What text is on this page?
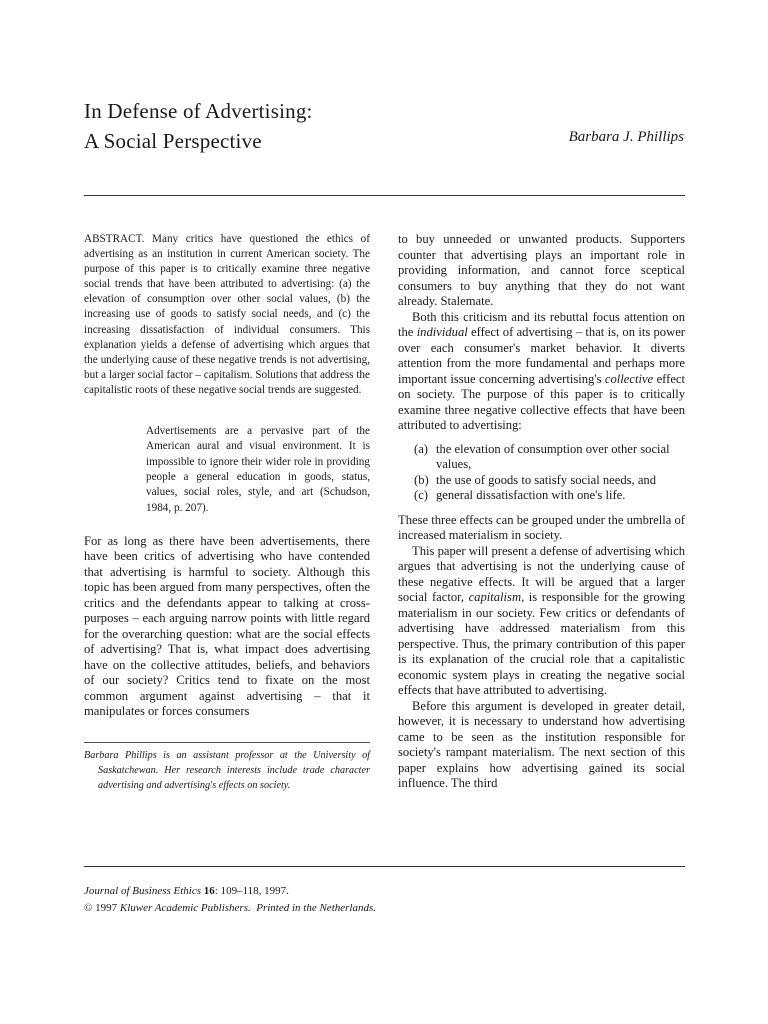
In Defense of Advertising:
A Social Perspective	Barbara J. Phillips

ABSTRACT. Many critics have questioned the ethics of advertising as an institution in current American society. The purpose of this paper is to critically examine three negative social trends that have been attributed to advertising: (a) the elevation of consumption over other social values, (b) the increasing use of goods to satisfy social needs, and (c) the increasing dissatisfaction of individual consumers. This explanation yields a defense of advertising which argues that the underlying cause of these negative trends is not advertising, but a larger social factor – capitalism. Solutions that address the capitalistic roots of these negative social trends are suggested.

Advertisements are a pervasive part of the American aural and visual environment. It is impossible to ignore their wider role in providing people a general education in goods, status, values, social roles, style, and art (Schudson, 1984, p. 207).

For as long as there have been advertisements, there have been critics of advertising who have contended that advertising is harmful to society. Although this topic has been argued from many perspectives, often the critics and the defendants appear to talking at cross-purposes – each arguing narrow points with little regard for the overarching question: what are the social effects of advertising? That is, what impact does advertising have on the collective attitudes, beliefs, and behaviors of our society? Critics tend to fixate on the most common argument against advertising – that it manipulates or forces consumers

Barbara Phillips is an assistant professor at the University of Saskatchewan. Her research interests include trade character advertising and advertising's effects on society.

to buy unneeded or unwanted products. Supporters counter that advertising plays an important role in providing information, and cannot force sceptical consumers to buy anything that they do not want already. Stalemate.

Both this criticism and its rebuttal focus attention on the individual effect of advertising – that is, on its power over each consumer's market behavior. It diverts attention from the more fundamental and perhaps more important issue concerning advertising's collective effect on society. The purpose of this paper is to critically examine three negative collective effects that have been attributed to advertising:

(a) the elevation of consumption over other social values,
(b) the use of goods to satisfy social needs, and
(c) general dissatisfaction with one's life.

These three effects can be grouped under the umbrella of increased materialism in society.

This paper will present a defense of advertising which argues that advertising is not the underlying cause of these negative effects. It will be argued that a larger social factor, capitalism, is responsible for the growing materialism in our society. Few critics or defendants of advertising have addressed materialism from this perspective. Thus, the primary contribution of this paper is its explanation of the crucial role that a capitalistic economic system plays in creating the negative social effects that have attributed to advertising.

Before this argument is developed in greater detail, however, it is necessary to understand how advertising came to be seen as the institution responsible for society's rampant materialism. The next section of this paper explains how advertising gained its social influence. The third

Journal of Business Ethics 16: 109–118, 1997.
© 1997 Kluwer Academic Publishers. Printed in the Netherlands.
